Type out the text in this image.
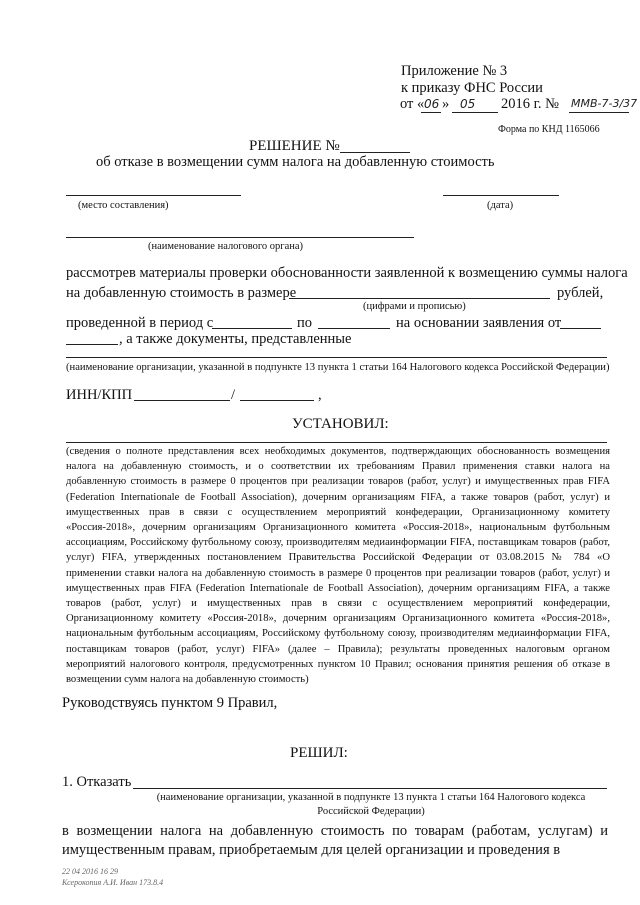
Приложение № 3
к приказу ФНС России
от « 06 » 05 2016 г. № ММВ-7-3/37
Форма по КНД 1165066
РЕШЕНИЕ №
об отказе в возмещении сумм налога на добавленную стоимость
(место составления)	(дата)
(наименование налогового органа)
рассмотрев материалы проверки обоснованности заявленной к возмещению суммы налога
на добавленную стоимость в размере	рублей,
(цифрами и прописью)
проведенной в период с	по	на основании заявления от
, а также документы, представленные
(наименование организации, указанной в подпункте 13 пункта 1 статьи 164 Налогового кодекса Российской Федерации)
ИНН/КПП	/	,
УСТАНОВИЛ:
(сведения о полноте представления всех необходимых документов, подтверждающих обоснованность возмещения налога на добавленную стоимость, и о соответствии их требованиям Правил применения ставки налога на добавленную стоимость в размере 0 процентов при реализации товаров (работ, услуг) и имущественных прав FIFA (Federation Internationale de Football Association), дочерним организациям FIFA, а также товаров (работ, услуг) и имущественных прав в связи с осуществлением мероприятий конфедерации, Организационному комитету «Россия-2018», дочерним организациям Организационного комитета «Россия-2018», национальным футбольным ассоциациям, Российскому футбольному союзу, производителям медиаинформации FIFA, поставщикам товаров (работ, услуг) FIFA, утвержденных постановлением Правительства Российской Федерации от 03.08.2015 № 784 «О применении ставки налога на добавленную стоимость в размере 0 процентов при реализации товаров (работ, услуг) и имущественных прав FIFA (Federation Internationale de Football Association), дочерним организациям FIFA, а также товаров (работ, услуг) и имущественных прав в связи с осуществлением мероприятий конфедерации, Организационному комитету «Россия-2018», дочерним организациям Организационного комитета «Россия-2018», национальным футбольным ассоциациям, Российскому футбольному союзу, производителям медиаинформации FIFA, поставщикам товаров (работ, услуг) FIFA» (далее – Правила); результаты проведенных налоговым органом мероприятий налогового контроля, предусмотренных пунктом 10 Правил; основания принятия решения об отказе в возмещении сумм налога на добавленную стоимость)
Руководствуясь пунктом 9 Правил,
РЕШИЛ:
1. Отказать
(наименование организации, указанной в подпункте 13 пункта 1 статьи 164 Налогового кодекса Российской Федерации)
в возмещении налога на добавленную стоимость по товарам (работам, услугам) и имущественным правам, приобретаемым для целей организации и проведения в
22 04 2016 16 29
Ксерокопия А.И. Иван 173.8.4
